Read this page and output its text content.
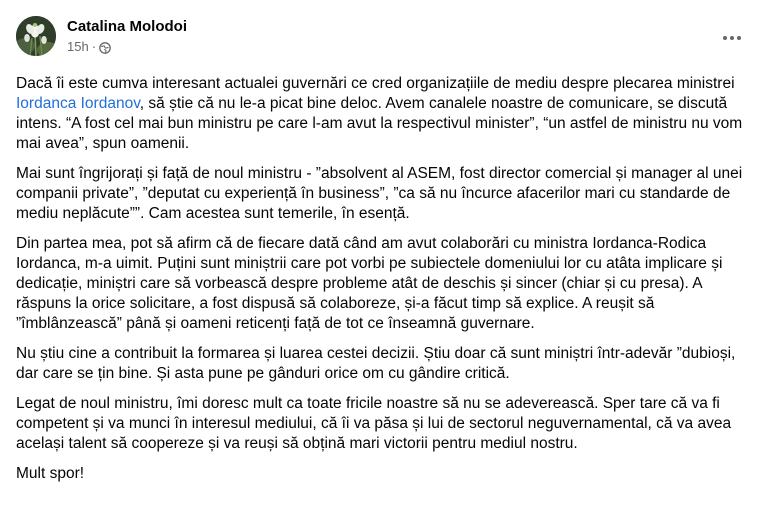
Catalina Molodoi
15h ·

Dacă îi este cumva interesant actualei guvernări ce cred organizațiile de mediu despre plecarea ministrei Iordanca Iordanov, să știe că nu le-a picat bine deloc. Avem canalele noastre de comunicare, se discută intens. “A fost cel mai bun ministru pe care l-am avut la respectivul minister”, “un astfel de ministru nu vom mai avea”, spun oamenii.

Mai sunt îngrijorați și față de noul ministru - ”absolvent al ASEM, fost director comercial și manager al unei companii private”, ”deputat cu experiență în business”, ”ca să nu încurce afacerilor mari cu standarde de mediu neplăcute””. Cam acestea sunt temerile, în esență.

Din partea mea, pot să afirm că de fiecare dată când am avut colaborări cu ministra Iordanca-Rodica Iordanca, m-a uimit. Puțini sunt miniștrii care pot vorbi pe subiectele domeniului lor cu atâta implicare și dedicație, miniștri care să vorbească despre probleme atât de deschis și sincer (chiar și cu presa). A răspuns la orice solicitare, a fost dispusă să colaboreze, și-a făcut timp să explice. A reușit să ”îmblânzească” până și oameni reticenți față de tot ce înseamnă guvernare.

Nu știu cine a contribuit la formarea și luarea cestei decizii. Știu doar că sunt miniștri într-adevăr ”dubioși, dar care se țin bine. Și asta pune pe gânduri orice om cu gândire critică.

Legat de noul ministru, îmi doresc mult ca toate fricile noastre să nu se adeverească. Sper tare că va fi competent și va munci în interesul mediului, că îi va păsa și lui de sectorul neguvernamental, că va avea același talent să coopereze și va reuși să obțină mari victorii pentru mediul nostru.

Mult spor!
